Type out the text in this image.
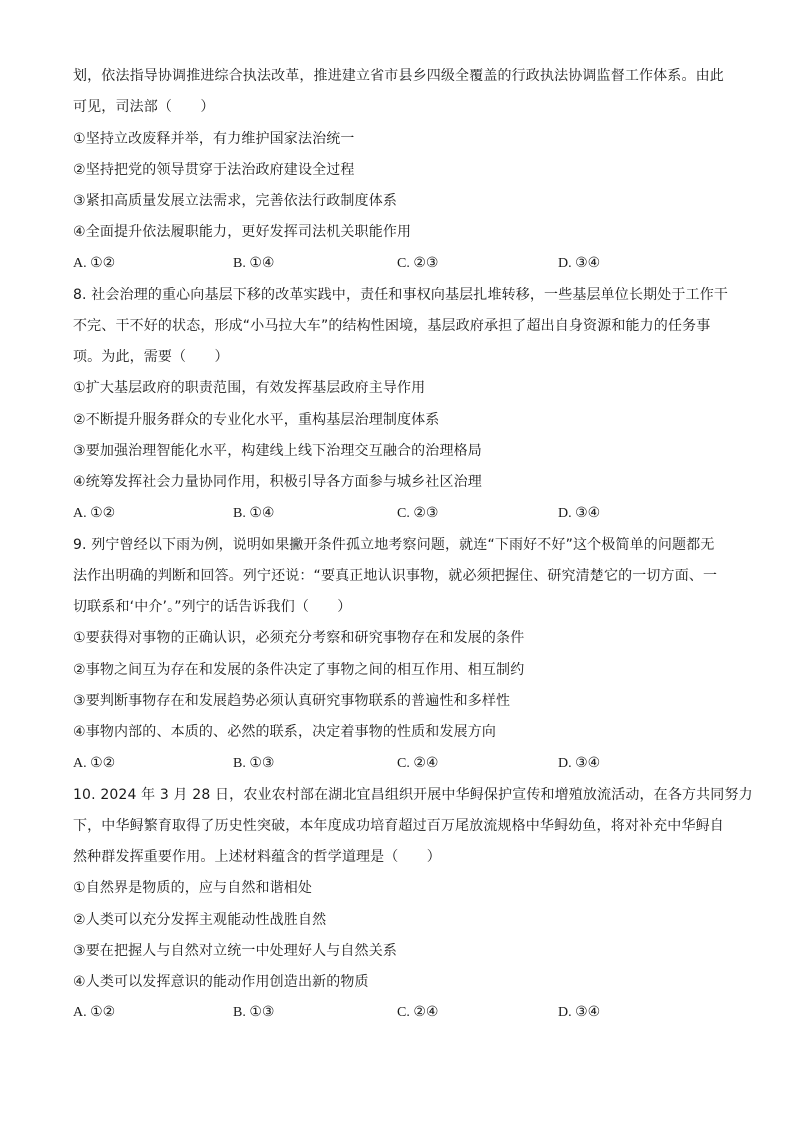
划，依法指导协调推进综合执法改革，推进建立省市县乡四级全覆盖的行政执法协调监督工作体系。由此
可见，司法部（　　）
①坚持立改废释并举，有力维护国家法治统一
②坚持把党的领导贯穿于法治政府建设全过程
③紧扣高质量发展立法需求，完善依法行政制度体系
④全面提升依法履职能力，更好发挥司法机关职能作用
A. ①②	B. ①④	C. ②③	D. ③④
8. 社会治理的重心向基层下移的改革实践中，责任和事权向基层扎堆转移，一些基层单位长期处于工作干
不完、干不好的状态，形成“小马拉大车”的结构性困境，基层政府承担了超出自身资源和能力的任务事
项。为此，需要（　　）
①扩大基层政府的职责范围，有效发挥基层政府主导作用
②不断提升服务群众的专业化水平，重构基层治理制度体系
③要加强治理智能化水平，构建线上线下治理交互融合的治理格局
④统筹发挥社会力量协同作用，积极引导各方面参与城乡社区治理
A. ①②	B. ①④	C. ②③	D. ③④
9. 列宁曾经以下雨为例，说明如果撇开条件孤立地考察问题，就连“下雨好不好”这个极简单的问题都无
法作出明确的判断和回答。列宁还说：“要真正地认识事物，就必须把握住、研究清楚它的一切方面、一
切联系和‘中介’。”列宁的话告诉我们（　　）
①要获得对事物的正确认识，必须充分考察和研究事物存在和发展的条件
②事物之间互为存在和发展的条件决定了事物之间的相互作用、相互制约
③要判断事物存在和发展趋势必须认真研究事物联系的普遍性和多样性
④事物内部的、本质的、必然的联系，决定着事物的性质和发展方向
A. ①②	B. ①③	C. ②④	D. ③④
10. 2024 年 3 月 28 日，农业农村部在湖北宜昌组织开展中华鲟保护宣传和增殖放流活动，在各方共同努力
下，中华鲟繁育取得了历史性突破，本年度成功培育超过百万尾放流规格中华鲟幼鱼，将对补充中华鲟自
然种群发挥重要作用。上述材料蕴含的哲学道理是（　　）
①自然界是物质的，应与自然和谐相处
②人类可以充分发挥主观能动性战胜自然
③要在把握人与自然对立统一中处理好人与自然关系
④人类可以发挥意识的能动作用创造出新的物质
A. ①②	B. ①③	C. ②④	D. ③④
